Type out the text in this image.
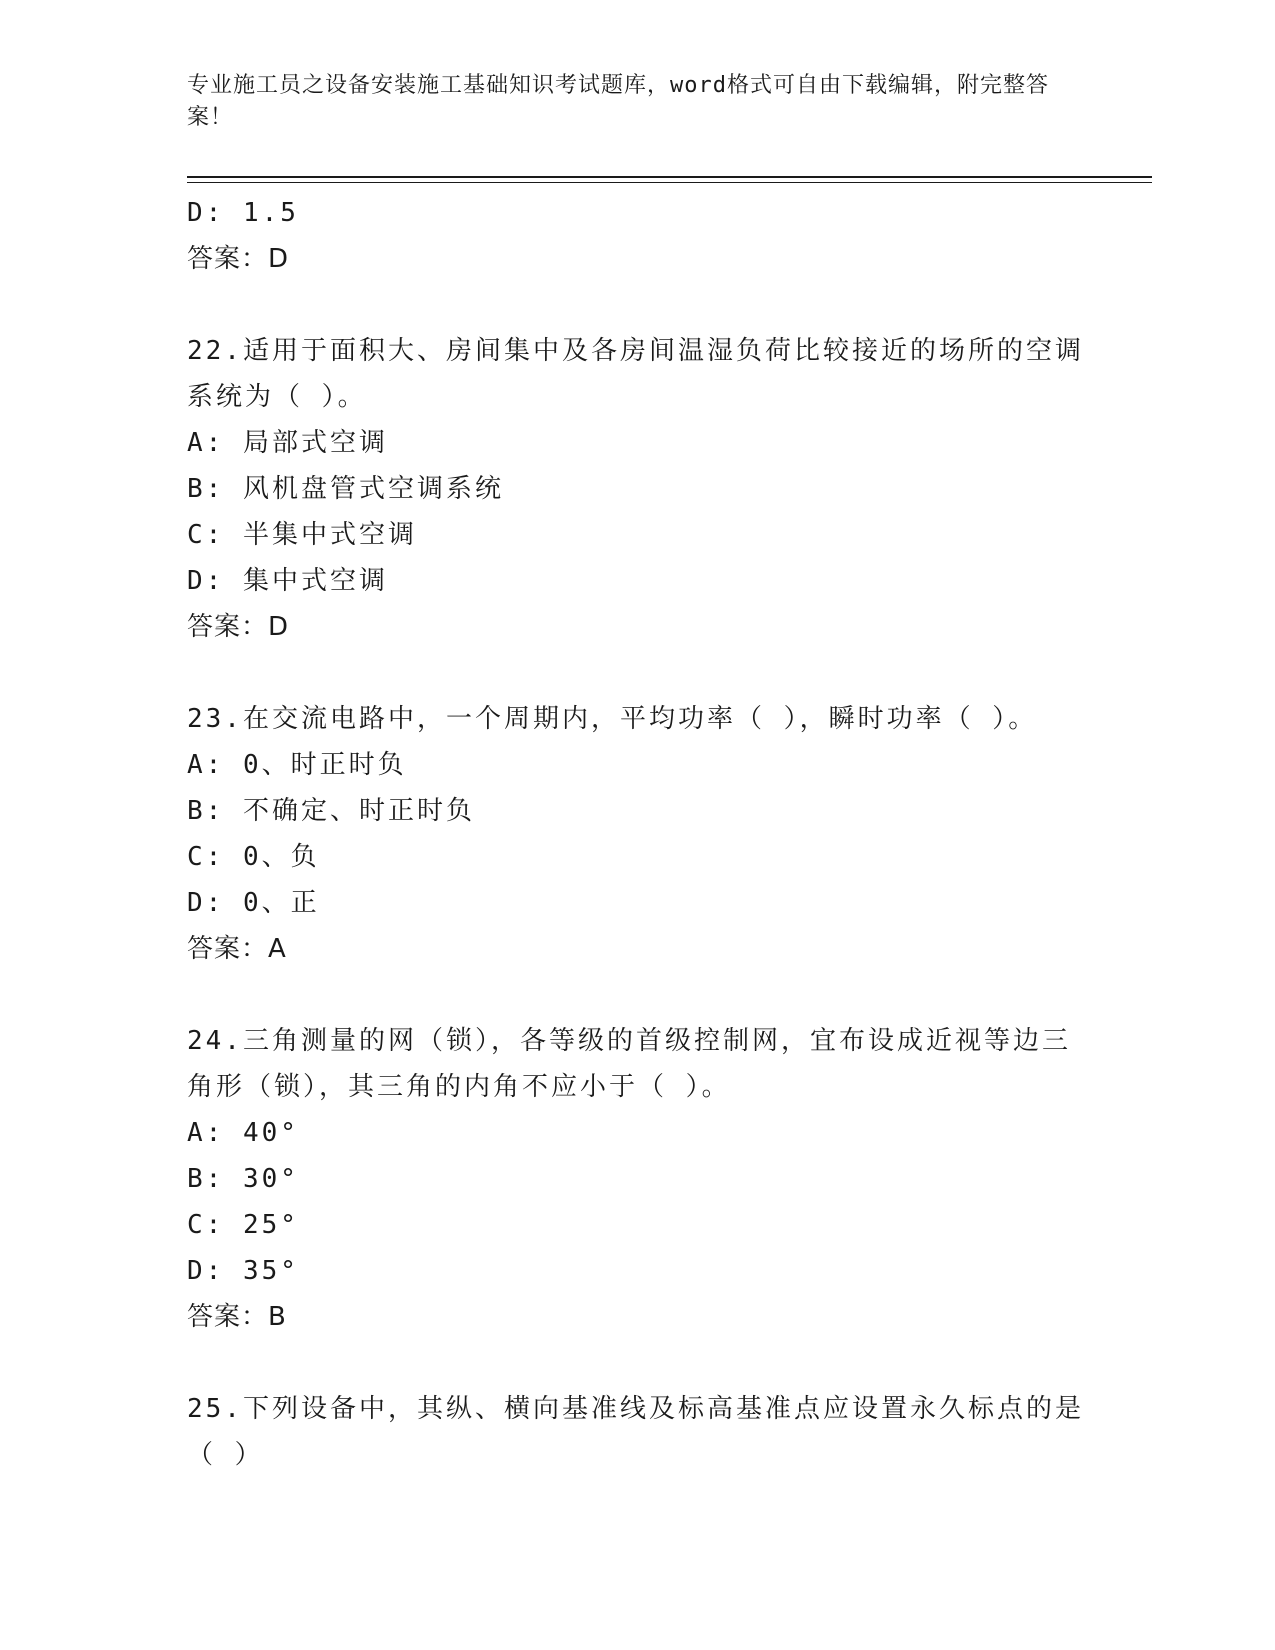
专业施工员之设备安装施工基础知识考试题库，word格式可自由下载编辑，附完整答案！
D: 1.5
答案：D
22.适用于面积大、房间集中及各房间温湿负荷比较接近的场所的空调系统为（ ）。
A: 局部式空调
B: 风机盘管式空调系统
C: 半集中式空调
D: 集中式空调
答案：D
23.在交流电路中，一个周期内，平均功率（ ），瞬时功率（ ）。
A: 0、时正时负
B: 不确定、时正时负
C: 0、负
D: 0、正
答案：A
24.三角测量的网（锁），各等级的首级控制网，宜布设成近视等边三角形（锁），其三角的内角不应小于（ ）。
A: 40°
B: 30°
C: 25°
D: 35°
答案：B
25.下列设备中，其纵、横向基准线及标高基准点应设置永久标点的是（ ）
